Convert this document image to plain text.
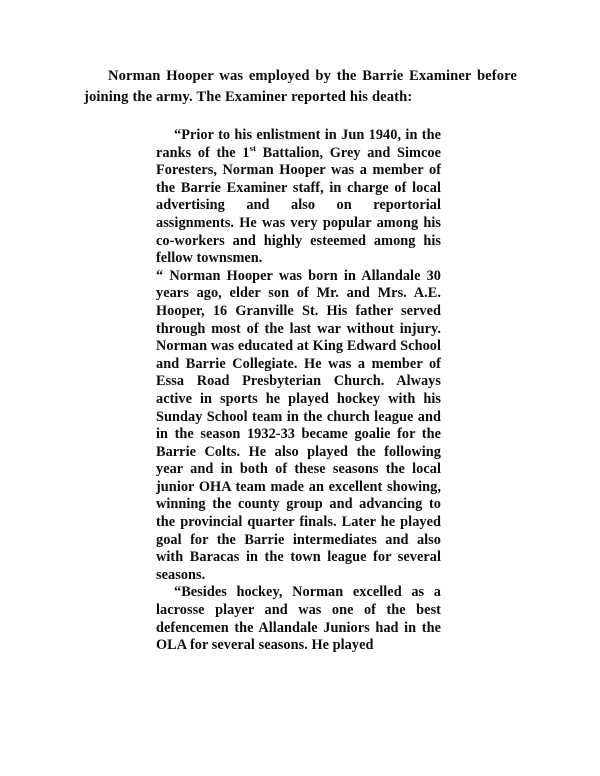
Norman Hooper was employed by the Barrie Examiner before joining the army. The Examiner reported his death:

“Prior to his enlistment in Jun 1940, in the ranks of the 1st Battalion, Grey and Simcoe Foresters, Norman Hooper was a member of the Barrie Examiner staff, in charge of local advertising and also on reportorial assignments. He was very popular among his co-workers and highly esteemed among his fellow townsmen.

“ Norman Hooper was born in Allandale 30 years ago, elder son of Mr. and Mrs. A.E. Hooper, 16 Granville St. His father served through most of the last war without injury. Norman was educated at King Edward School and Barrie Collegiate. He was a member of Essa Road Presbyterian Church. Always active in sports he played hockey with his Sunday School team in the church league and in the season 1932-33 became goalie for the Barrie Colts. He also played the following year and in both of these seasons the local junior OHA team made an excellent showing, winning the county group and advancing to the provincial quarter finals. Later he played goal for the Barrie intermediates and also with Baracas in the town league for several seasons.

“Besides hockey, Norman excelled as a lacrosse player and was one of the best defencemen the Allandale Juniors had in the OLA for several seasons. He played
